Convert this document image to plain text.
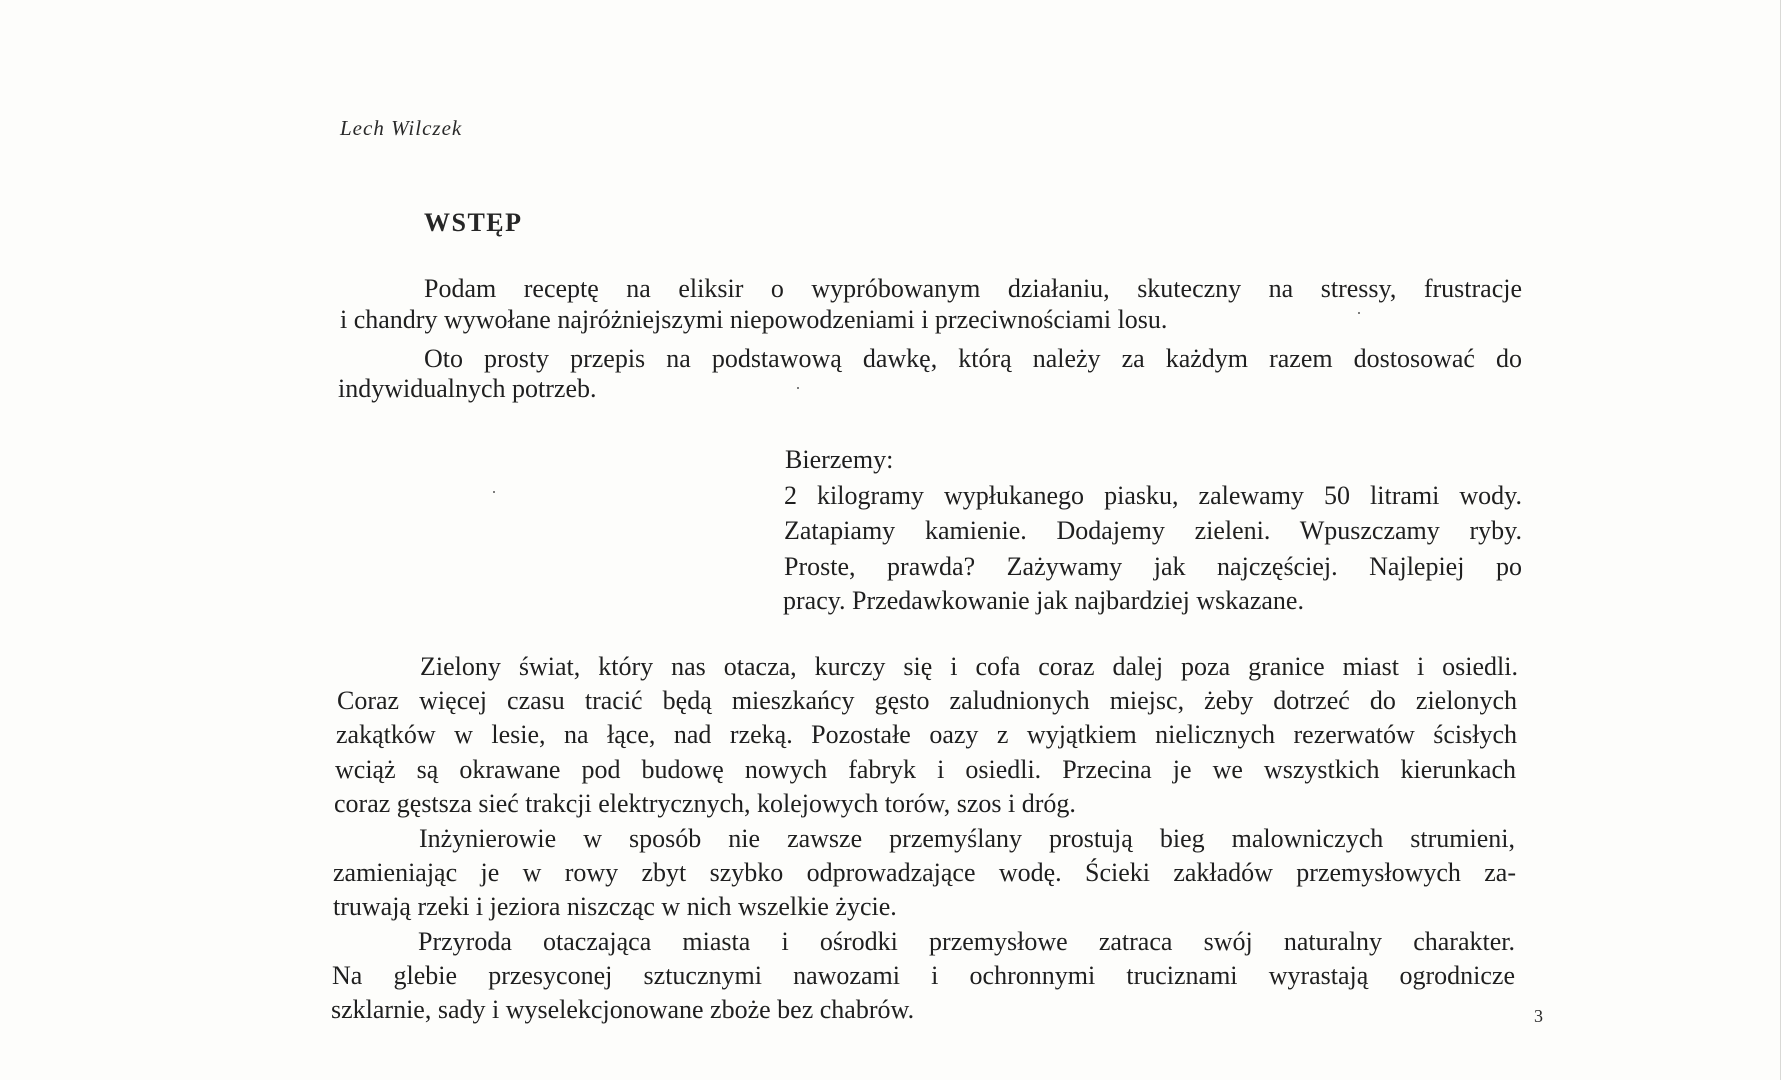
Lech Wilczek
WSTĘP
Podam receptę na eliksir o wypróbowanym działaniu, skuteczny na stressy, frustracje
i chandry wywołane najróżniejszymi niepowodzeniami i przeciwnościami losu.
Oto prosty przepis na podstawową dawkę, którą należy za każdym razem dostosować do
indywidualnych potrzeb.
Bierzemy:
2 kilogramy wypłukanego piasku, zalewamy 50 litrami wody.
Zatapiamy kamienie. Dodajemy zieleni. Wpuszczamy ryby.
Proste, prawda? Zażywamy jak najczęściej. Najlepiej po
pracy. Przedawkowanie jak najbardziej wskazane.
Zielony świat, który nas otacza, kurczy się i cofa coraz dalej poza granice miast i osiedli.
Coraz więcej czasu tracić będą mieszkańcy gęsto zaludnionych miejsc, żeby dotrzeć do zielonych
zakątków w lesie, na łące, nad rzeką. Pozostałe oazy z wyjątkiem nielicznych rezerwatów ścisłych
wciąż są okrawane pod budowę nowych fabryk i osiedli. Przecina je we wszystkich kierunkach
coraz gęstsza sieć trakcji elektrycznych, kolejowych torów, szos i dróg.
Inżynierowie w sposób nie zawsze przemyślany prostują bieg malowniczych strumieni,
zamieniając je w rowy zbyt szybko odprowadzające wodę. Ścieki zakładów przemysłowych za-
truwają rzeki i jeziora niszcząc w nich wszelkie życie.
Przyroda otaczająca miasta i ośrodki przemysłowe zatraca swój naturalny charakter.
Na glebie przesyconej sztucznymi nawozami i ochronnymi truciznami wyrastają ogrodnicze
szklarnie, sady i wyselekcjonowane zboże bez chabrów.	3
